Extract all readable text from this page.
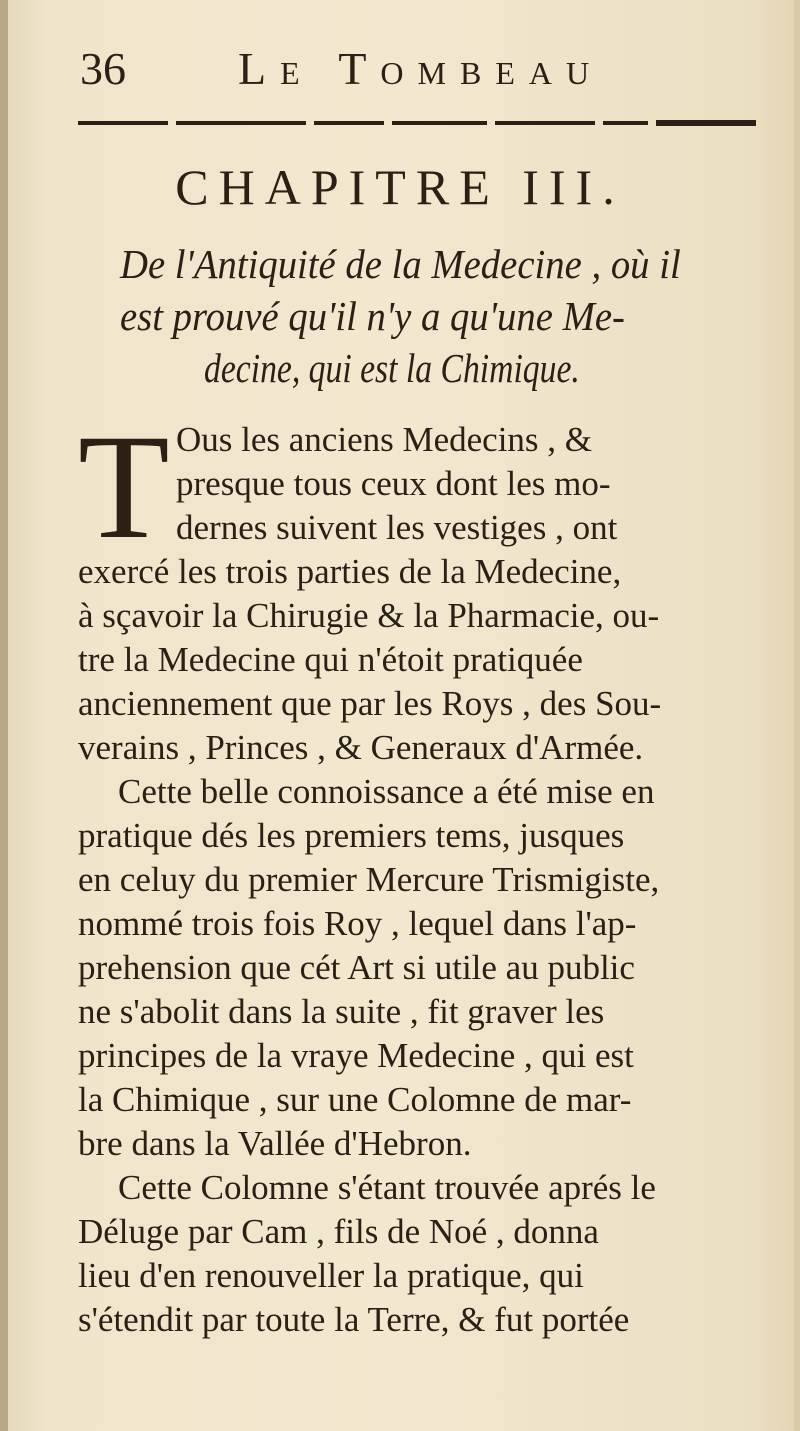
36 Le Tombeau
CHAPITRE III.
De l'Antiquité de la Medecine , où il
est prouvé qu'il n'y a qu'une Me-
decine, qui est la Chimique.
T Ous les anciens Medecins , &
presque tous ceux dont les mo-
dernes suivent les vestiges , ont
exercé les trois parties de la Medecine,
à sçavoir la Chirugie & la Pharmacie, ou-
tre la Medecine qui n'étoit pratiquée
anciennement que par les Roys , des Sou-
verains , Princes , & Generaux d'Armée.
Cette belle connoissance a été mise en
pratique dés les premiers tems, jusques
en celuy du premier Mercure Trismigiste,
nommé trois fois Roy , lequel dans l'ap-
prehension que cét Art si utile au public
ne s'abolit dans la suite , fit graver les
principes de la vraye Medecine , qui est
la Chimique , sur une Colomne de mar-
bre dans la Vallée d'Hebron.
Cette Colomne s'étant trouvée aprés le
Déluge par Cam , fils de Noé , donna
lieu d'en renouveller la pratique, qui
s'étendit par toute la Terre, & fut portée
